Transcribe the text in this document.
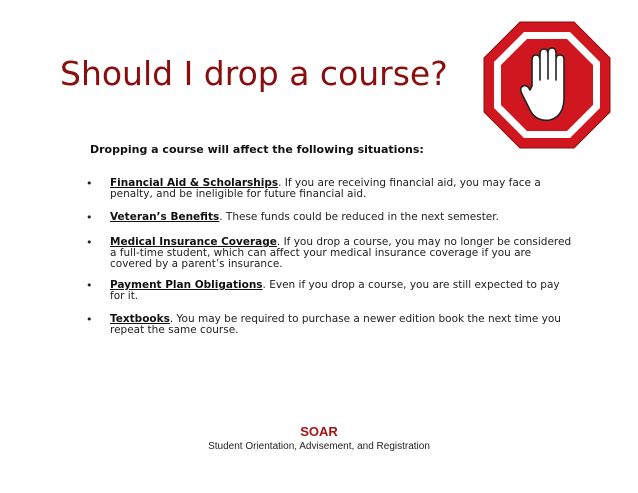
Should I drop a course?
Dropping a course will affect the following situations:
• Financial Aid & Scholarships. If you are receiving financial aid, you may face a penalty, and be ineligible for future financial aid.
• Veteran’s Benefits. These funds could be reduced in the next semester.
• Medical Insurance Coverage. If you drop a course, you may no longer be considered a full-time student, which can affect your medical insurance coverage if you are covered by a parent’s insurance.
• Payment Plan Obligations. Even if you drop a course, you are still expected to pay for it.
• Textbooks. You may be required to purchase a newer edition book the next time you repeat the same course.
SOAR
Student Orientation, Advisement, and Registration
